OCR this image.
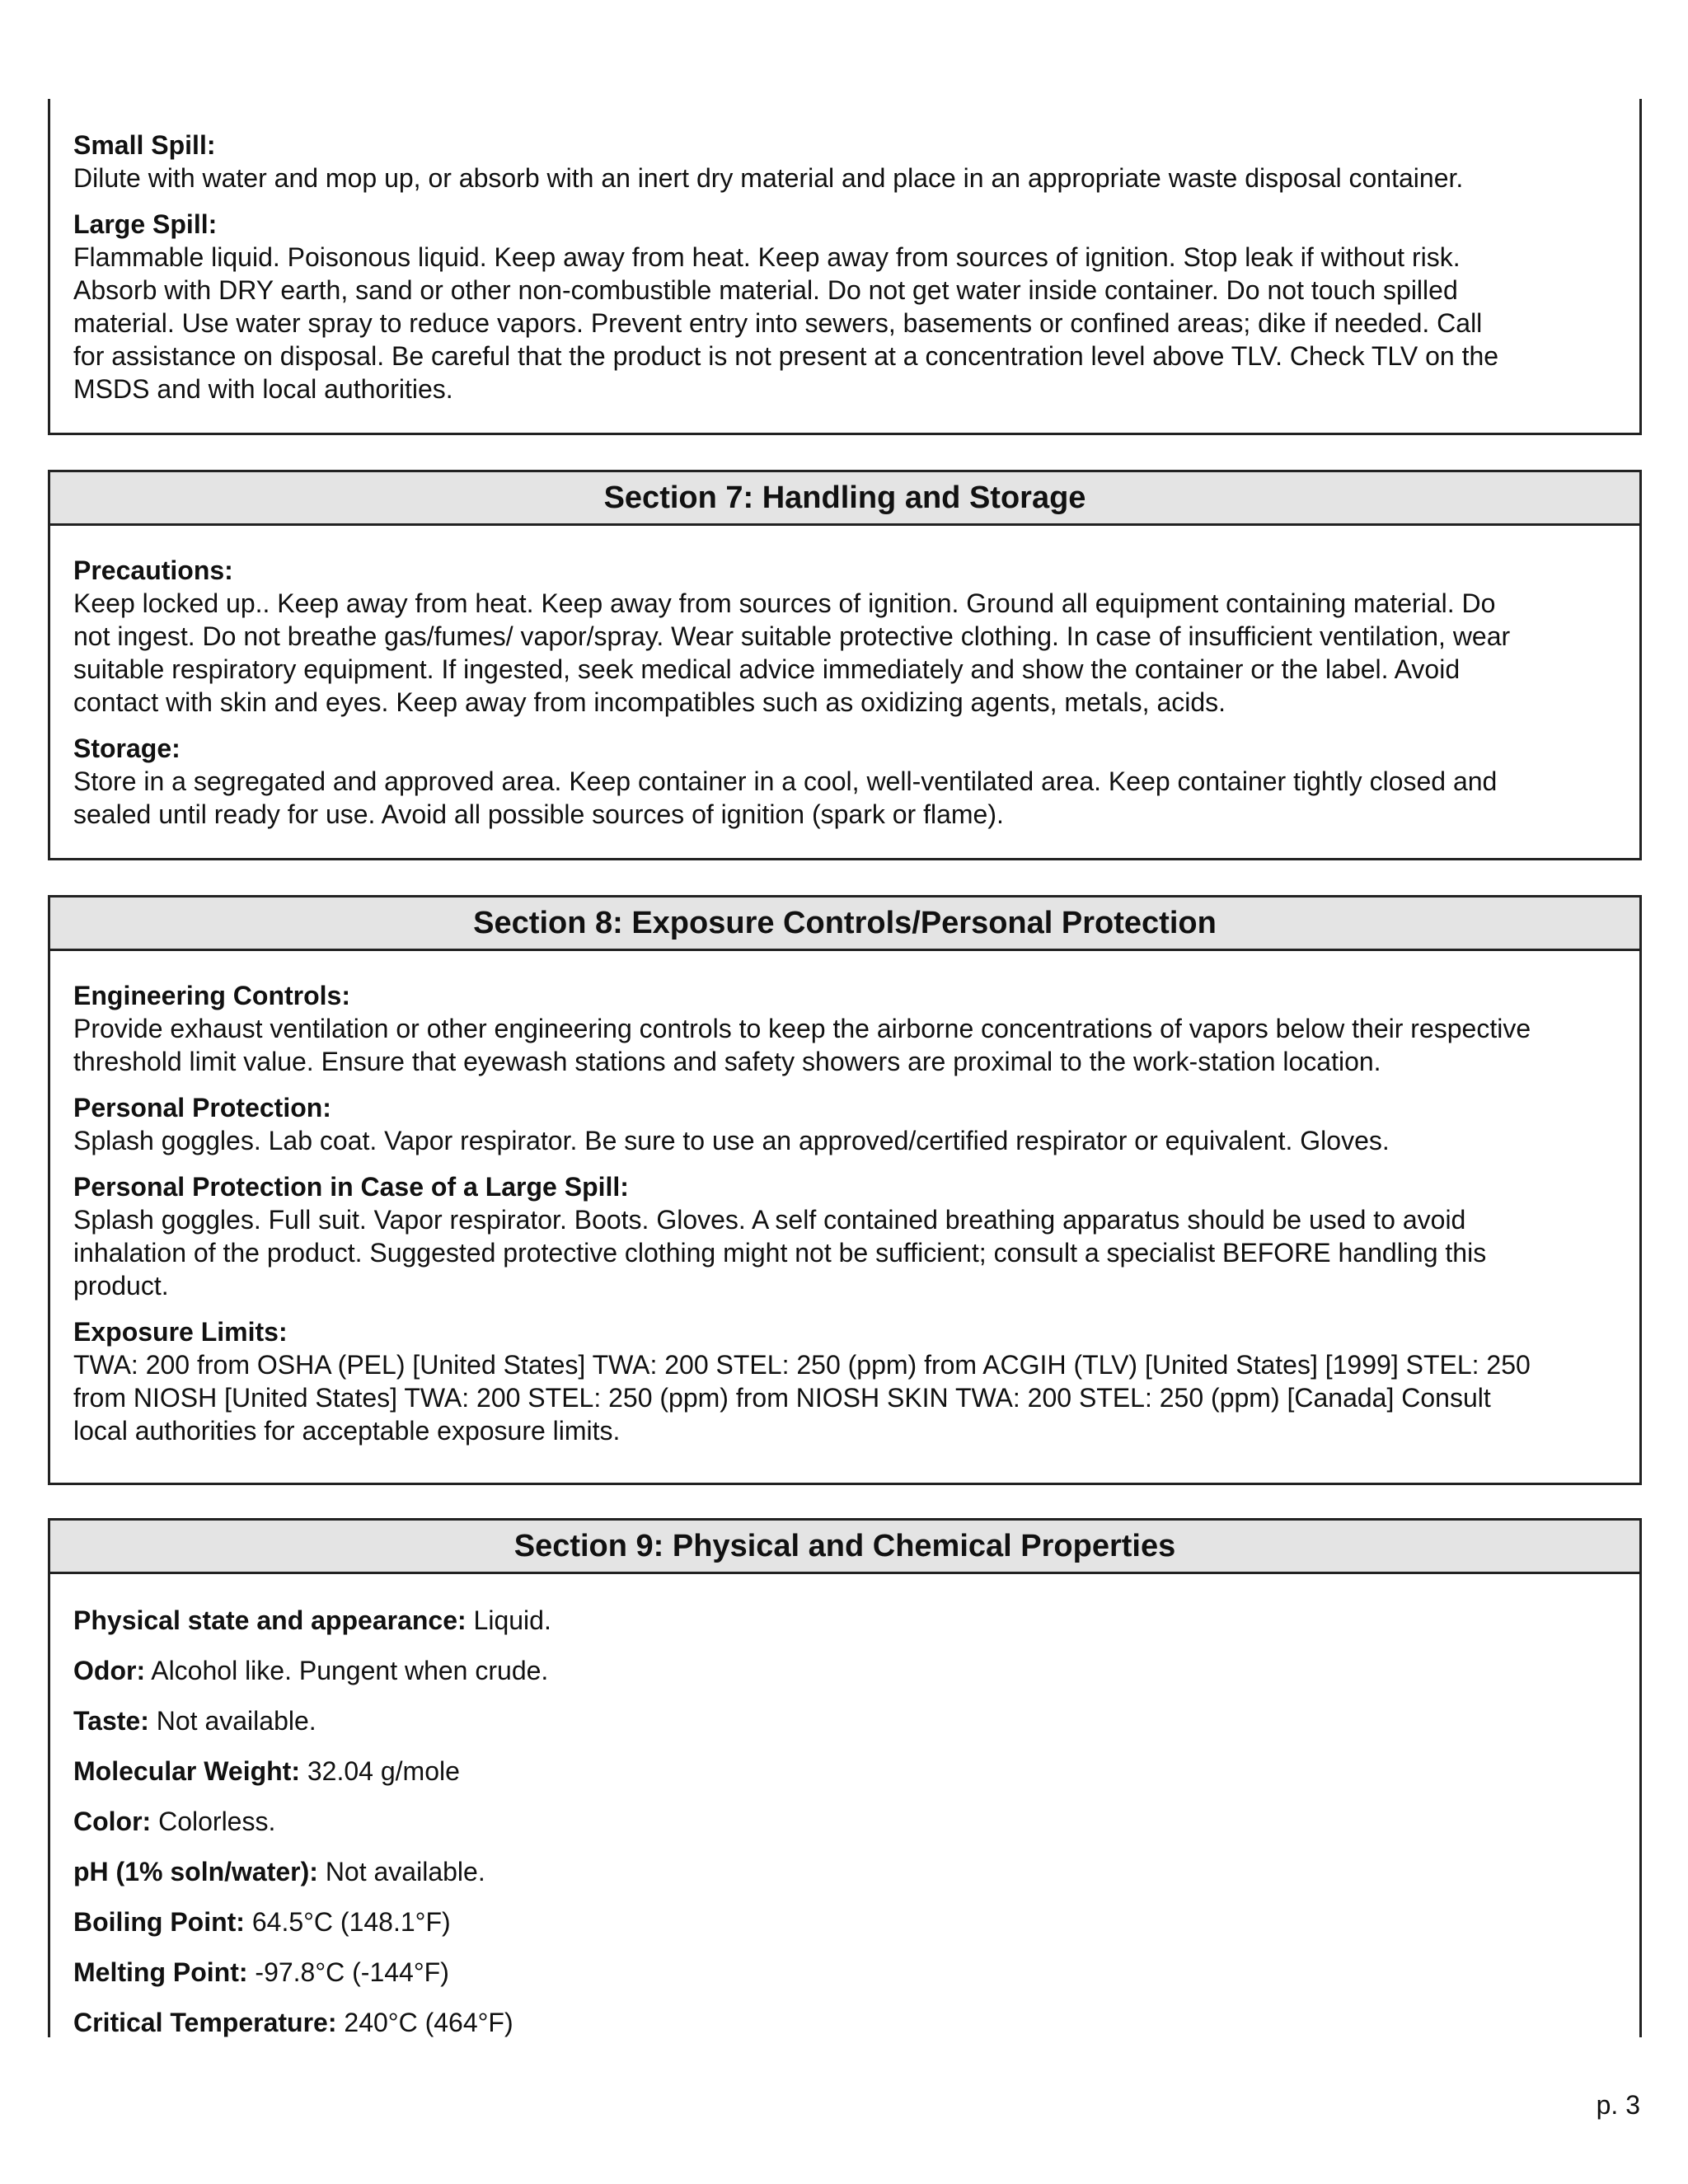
Small Spill:
Dilute with water and mop up, or absorb with an inert dry material and place in an appropriate waste disposal container.
Large Spill:
Flammable liquid. Poisonous liquid. Keep away from heat. Keep away from sources of ignition. Stop leak if without risk.
Absorb with DRY earth, sand or other non-combustible material. Do not get water inside container. Do not touch spilled
material. Use water spray to reduce vapors. Prevent entry into sewers, basements or confined areas; dike if needed. Call
for assistance on disposal. Be careful that the product is not present at a concentration level above TLV. Check TLV on the
MSDS and with local authorities.
Section 7: Handling and Storage
Precautions:
Keep locked up.. Keep away from heat. Keep away from sources of ignition. Ground all equipment containing material. Do
not ingest. Do not breathe gas/fumes/ vapor/spray. Wear suitable protective clothing. In case of insufficient ventilation, wear
suitable respiratory equipment. If ingested, seek medical advice immediately and show the container or the label. Avoid
contact with skin and eyes. Keep away from incompatibles such as oxidizing agents, metals, acids.
Storage:
Store in a segregated and approved area. Keep container in a cool, well-ventilated area. Keep container tightly closed and
sealed until ready for use. Avoid all possible sources of ignition (spark or flame).
Section 8: Exposure Controls/Personal Protection
Engineering Controls:
Provide exhaust ventilation or other engineering controls to keep the airborne concentrations of vapors below their respective
threshold limit value. Ensure that eyewash stations and safety showers are proximal to the work-station location.
Personal Protection:
Splash goggles. Lab coat. Vapor respirator. Be sure to use an approved/certified respirator or equivalent. Gloves.
Personal Protection in Case of a Large Spill:
Splash goggles. Full suit. Vapor respirator. Boots. Gloves. A self contained breathing apparatus should be used to avoid
inhalation of the product. Suggested protective clothing might not be sufficient; consult a specialist BEFORE handling this
product.
Exposure Limits:
TWA: 200 from OSHA (PEL) [United States] TWA: 200 STEL: 250 (ppm) from ACGIH (TLV) [United States] [1999] STEL: 250
from NIOSH [United States] TWA: 200 STEL: 250 (ppm) from NIOSH SKIN TWA: 200 STEL: 250 (ppm) [Canada] Consult
local authorities for acceptable exposure limits.
Section 9: Physical and Chemical Properties
Physical state and appearance: Liquid.
Odor: Alcohol like. Pungent when crude.
Taste: Not available.
Molecular Weight: 32.04 g/mole
Color: Colorless.
pH (1% soln/water): Not available.
Boiling Point: 64.5°C (148.1°F)
Melting Point: -97.8°C (-144°F)
Critical Temperature: 240°C (464°F)
p. 3
